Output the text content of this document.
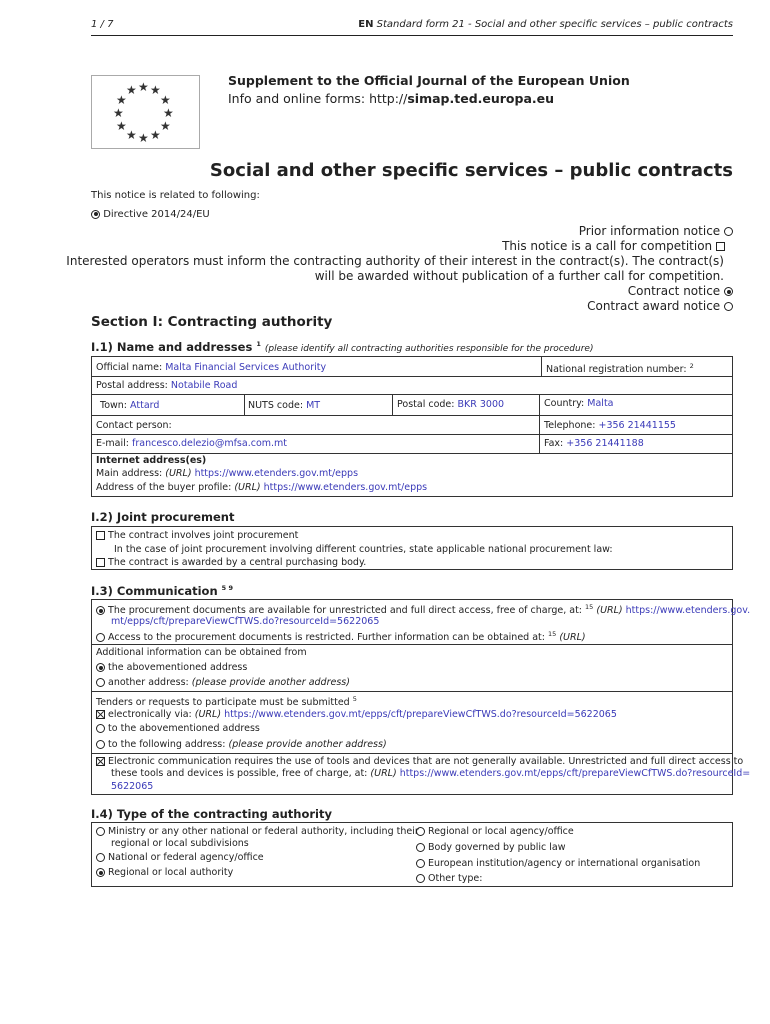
1 / 7	EN Standard form 21 - Social and other specific services – public contracts
★ ★
★
★
★
★
★
★
★
★
★
★
Supplement to the Official Journal of the European Union
Info and online forms: http://simap.ted.europa.eu
Social and other specific services – public contracts
This notice is related to following:
Directive 2014/24/EU
Prior information notice
This notice is a call for competition
Interested operators must inform the contracting authority of their interest in the contract(s). The contract(s)
will be awarded without publication of a further call for competition.
Contract notice
Contract award notice
Section I: Contracting authority
I.1) Name and addresses $^1$ (please identify all contracting authorities responsible for the procedure)
Official name: Malta Financial Services Authority	National registration number: $^2$
Postal address: Notabile Road
Town: Attard	NUTS code: MT	Postal code: BKR 3000	Country: Malta
Contact person:	Telephone: +356 21441155
E-mail: francesco.delezio@mfsa.com.mt	Fax: +356 21441188
Internet address(es)
Main address: (URL) https://www.etenders.gov.mt/epps
Address of the buyer profile: (URL) https://www.etenders.gov.mt/epps
I.2) Joint procurement
The contract involves joint procurement
In the case of joint procurement involving different countries, state applicable national procurement law:
The contract is awarded by a central purchasing body.
I.3) Communication $^{5 9}$
The procurement documents are available for unrestricted and full direct access, free of charge, at: $^{15}$ (URL) https://www.etenders.gov.
mt/epps/cft/prepareViewCfTWS.do?resourceId=5622065
Access to the procurement documents is restricted. Further information can be obtained at: $^{15}$ (URL)
Additional information can be obtained from
the abovementioned address
another address: (please provide another address)
Tenders or requests to participate must be submitted $^5$
electronically via: (URL) https://www.etenders.gov.mt/epps/cft/prepareViewCfTWS.do?resourceId=5622065
to the abovementioned address
to the following address: (please provide another address)
Electronic communication requires the use of tools and devices that are not generally available. Unrestricted and full direct access to
these tools and devices is possible, free of charge, at: (URL) https://www.etenders.gov.mt/epps/cft/prepareViewCfTWS.do?resourceId=
5622065
I.4) Type of the contracting authority
Ministry or any other national or federal authority, including their
regional or local subdivisions
National or federal agency/office
Regional or local authority
Regional or local agency/office
Body governed by public law
European institution/agency or international organisation
Other type:
